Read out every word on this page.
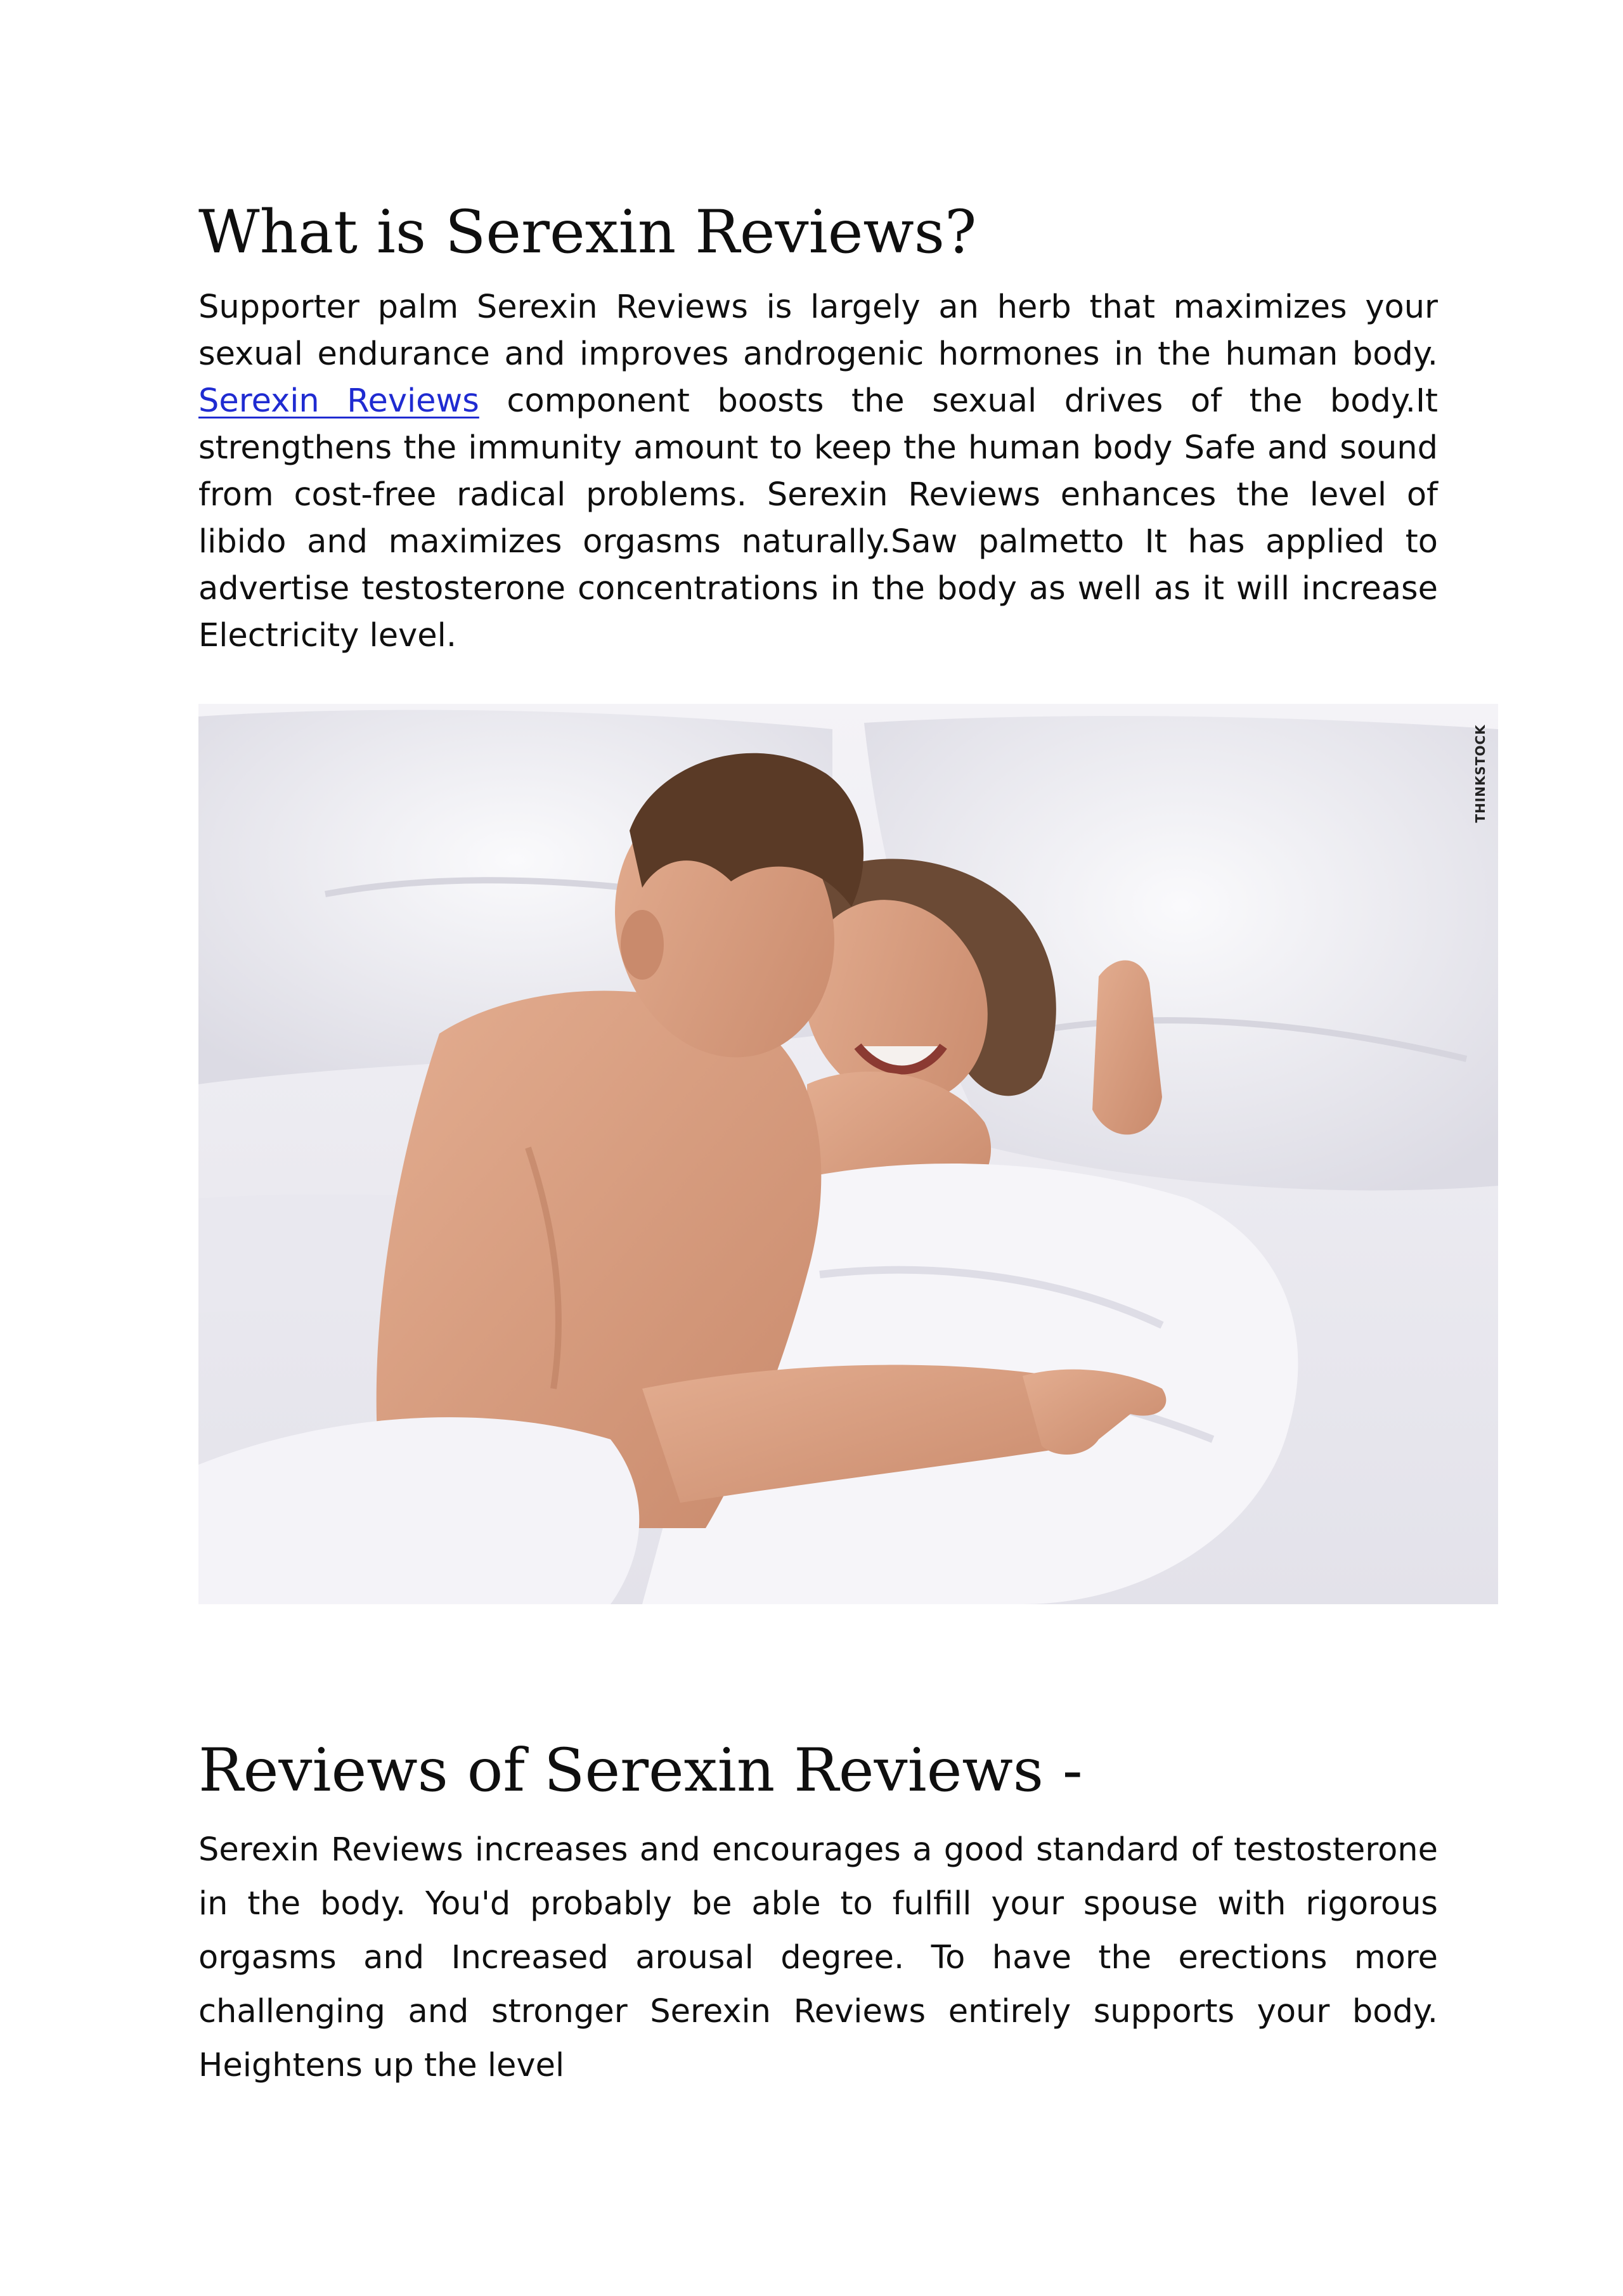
What is Serexin Reviews?

Supporter palm Serexin Reviews is largely an herb that maximizes your sexual endurance and improves androgenic hormones in the human body. Serexin Reviews component boosts the sexual drives of the body.It strengthens the immunity amount to keep the human body Safe and sound from cost-free radical problems. Serexin Reviews enhances the level of libido and maximizes orgasms naturally.Saw palmetto It has applied to advertise testosterone concentrations in the body as well as it will increase Electricity level.

THINKSTOCK
Reviews of Serexin Reviews -

Serexin Reviews increases and encourages a good standard of testosterone in the body. You'd probably be able to fulfill your spouse with rigorous orgasms and Increased arousal degree. To have the erections more challenging and stronger Serexin Reviews entirely supports your body. Heightens up the level
